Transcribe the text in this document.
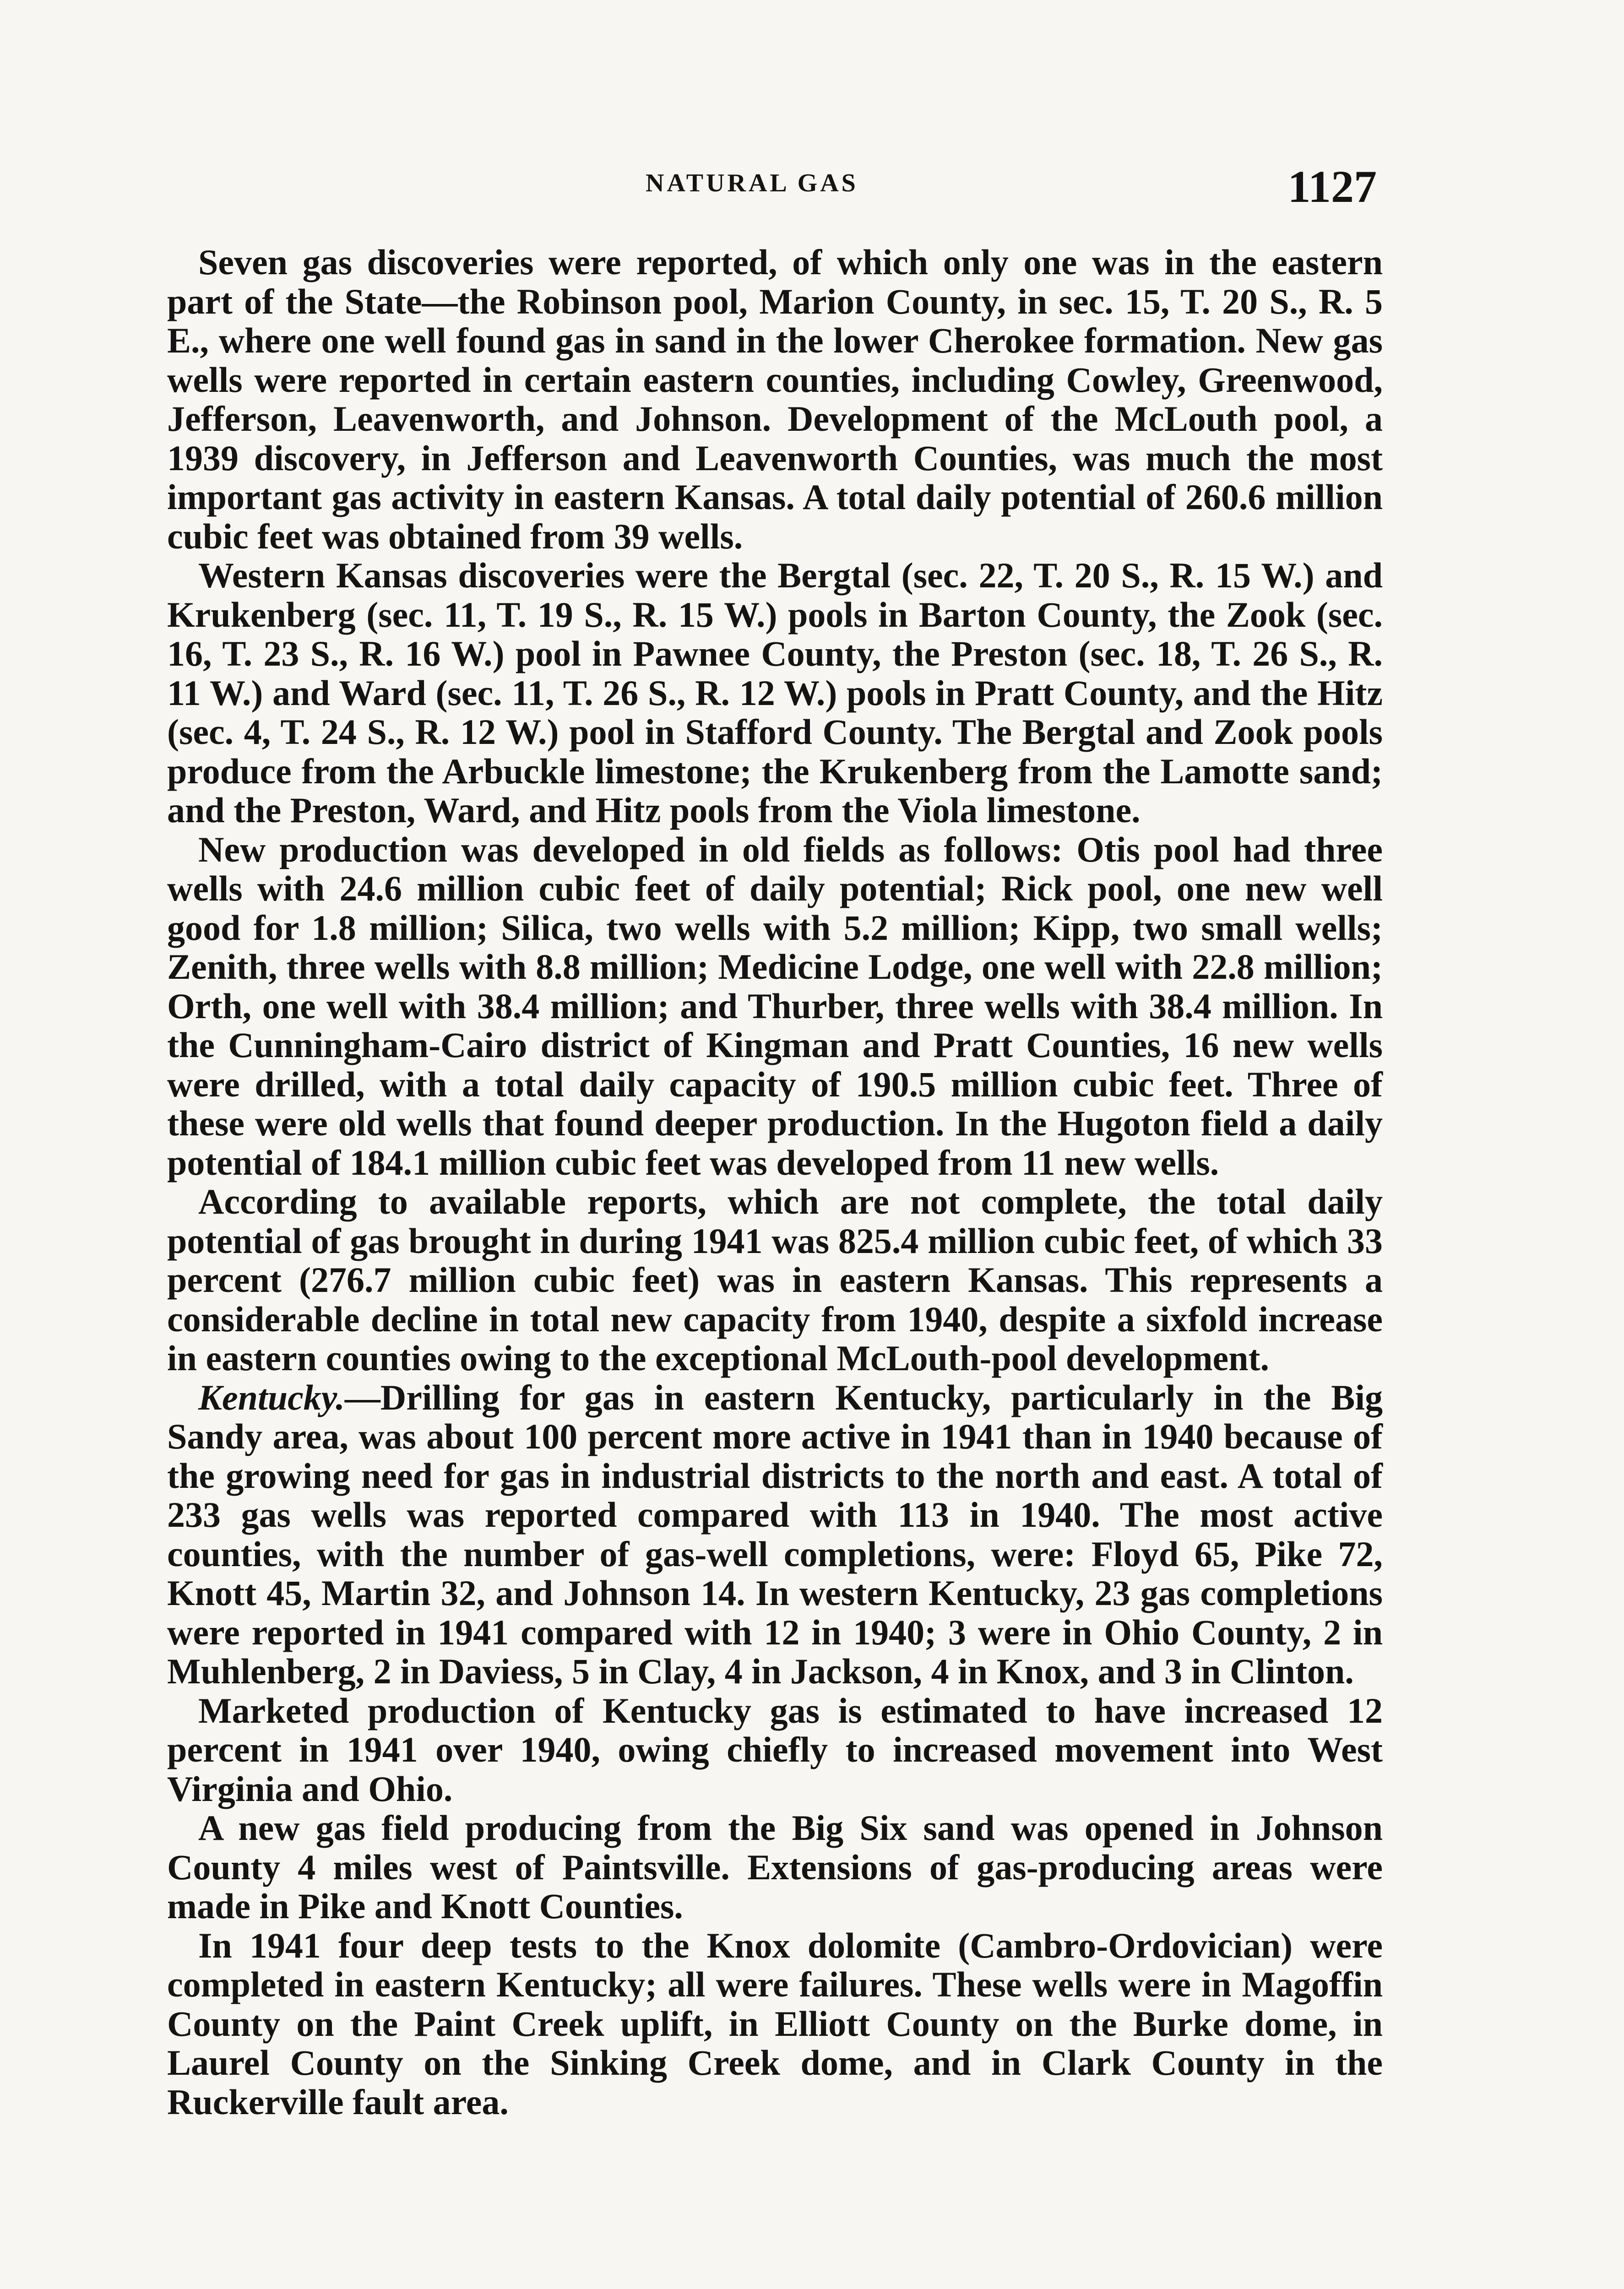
NATURAL GAS	1127

Seven gas discoveries were reported, of which only one was in the eastern part of the State—the Robinson pool, Marion County, in sec. 15, T. 20 S., R. 5 E., where one well found gas in sand in the lower Cherokee formation. New gas wells were reported in certain eastern counties, including Cowley, Greenwood, Jefferson, Leavenworth, and Johnson. Development of the McLouth pool, a 1939 discovery, in Jefferson and Leavenworth Counties, was much the most important gas activity in eastern Kansas. A total daily potential of 260.6 million cubic feet was obtained from 39 wells.

Western Kansas discoveries were the Bergtal (sec. 22, T. 20 S., R. 15 W.) and Krukenberg (sec. 11, T. 19 S., R. 15 W.) pools in Barton County, the Zook (sec. 16, T. 23 S., R. 16 W.) pool in Pawnee County, the Preston (sec. 18, T. 26 S., R. 11 W.) and Ward (sec. 11, T. 26 S., R. 12 W.) pools in Pratt County, and the Hitz (sec. 4, T. 24 S., R. 12 W.) pool in Stafford County. The Bergtal and Zook pools produce from the Arbuckle limestone; the Krukenberg from the Lamotte sand; and the Preston, Ward, and Hitz pools from the Viola limestone.

New production was developed in old fields as follows: Otis pool had three wells with 24.6 million cubic feet of daily potential; Rick pool, one new well good for 1.8 million; Silica, two wells with 5.2 million; Kipp, two small wells; Zenith, three wells with 8.8 million; Medicine Lodge, one well with 22.8 million; Orth, one well with 38.4 million; and Thurber, three wells with 38.4 million. In the Cunningham-Cairo district of Kingman and Pratt Counties, 16 new wells were drilled, with a total daily capacity of 190.5 million cubic feet. Three of these were old wells that found deeper production. In the Hugoton field a daily potential of 184.1 million cubic feet was developed from 11 new wells.

According to available reports, which are not complete, the total daily potential of gas brought in during 1941 was 825.4 million cubic feet, of which 33 percent (276.7 million cubic feet) was in eastern Kansas. This represents a considerable decline in total new capacity from 1940, despite a sixfold increase in eastern counties owing to the exceptional McLouth-pool development.

Kentucky.—Drilling for gas in eastern Kentucky, particularly in the Big Sandy area, was about 100 percent more active in 1941 than in 1940 because of the growing need for gas in industrial districts to the north and east. A total of 233 gas wells was reported compared with 113 in 1940. The most active counties, with the number of gas-well completions, were: Floyd 65, Pike 72, Knott 45, Martin 32, and Johnson 14. In western Kentucky, 23 gas completions were reported in 1941 compared with 12 in 1940; 3 were in Ohio County, 2 in Muhlenberg, 2 in Daviess, 5 in Clay, 4 in Jackson, 4 in Knox, and 3 in Clinton.

Marketed production of Kentucky gas is estimated to have increased 12 percent in 1941 over 1940, owing chiefly to increased movement into West Virginia and Ohio.

A new gas field producing from the Big Six sand was opened in Johnson County 4 miles west of Paintsville. Extensions of gas-producing areas were made in Pike and Knott Counties.

In 1941 four deep tests to the Knox dolomite (Cambro-Ordovician) were completed in eastern Kentucky; all were failures. These wells were in Magoffin County on the Paint Creek uplift, in Elliott County on the Burke dome, in Laurel County on the Sinking Creek dome, and in Clark County in the Ruckerville fault area.
